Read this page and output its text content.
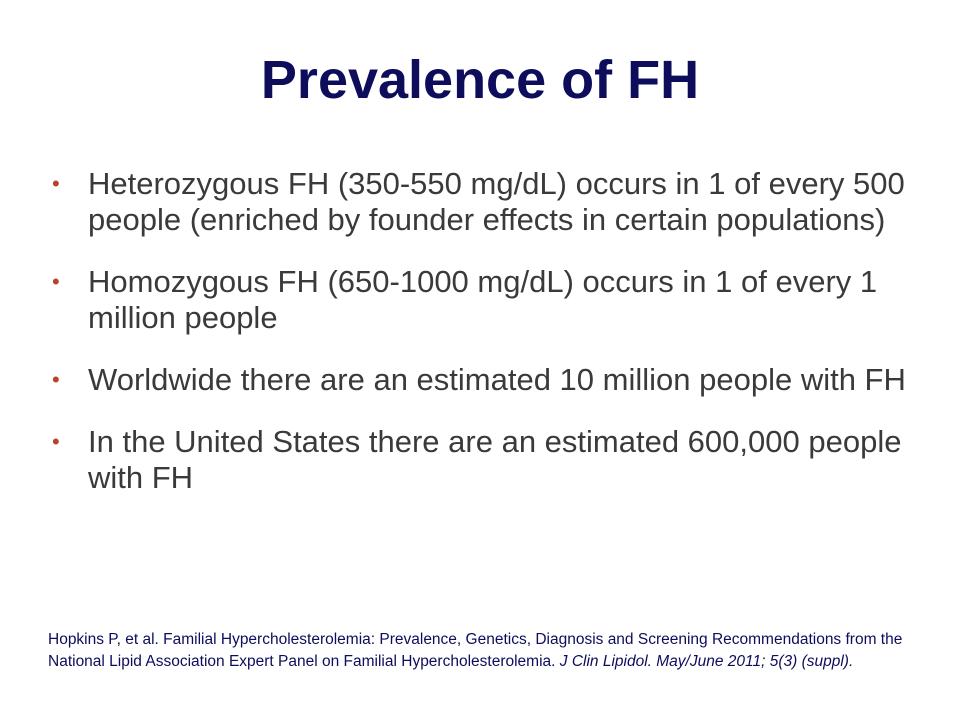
Prevalence of FH
• Heterozygous FH (350-550 mg/dL) occurs in 1 of every 500 people (enriched by founder effects in certain populations)
• Homozygous FH (650-1000 mg/dL) occurs in 1 of every 1 million people
• Worldwide there are an estimated 10 million people with FH
• In the United States there are an estimated 600,000 people with FH

Hopkins P, et al. Familial Hypercholesterolemia: Prevalence, Genetics, Diagnosis and Screening Recommendations from the National Lipid Association Expert Panel on Familial Hypercholesterolemia. J Clin Lipidol. May/June 2011; 5(3) (suppl).
